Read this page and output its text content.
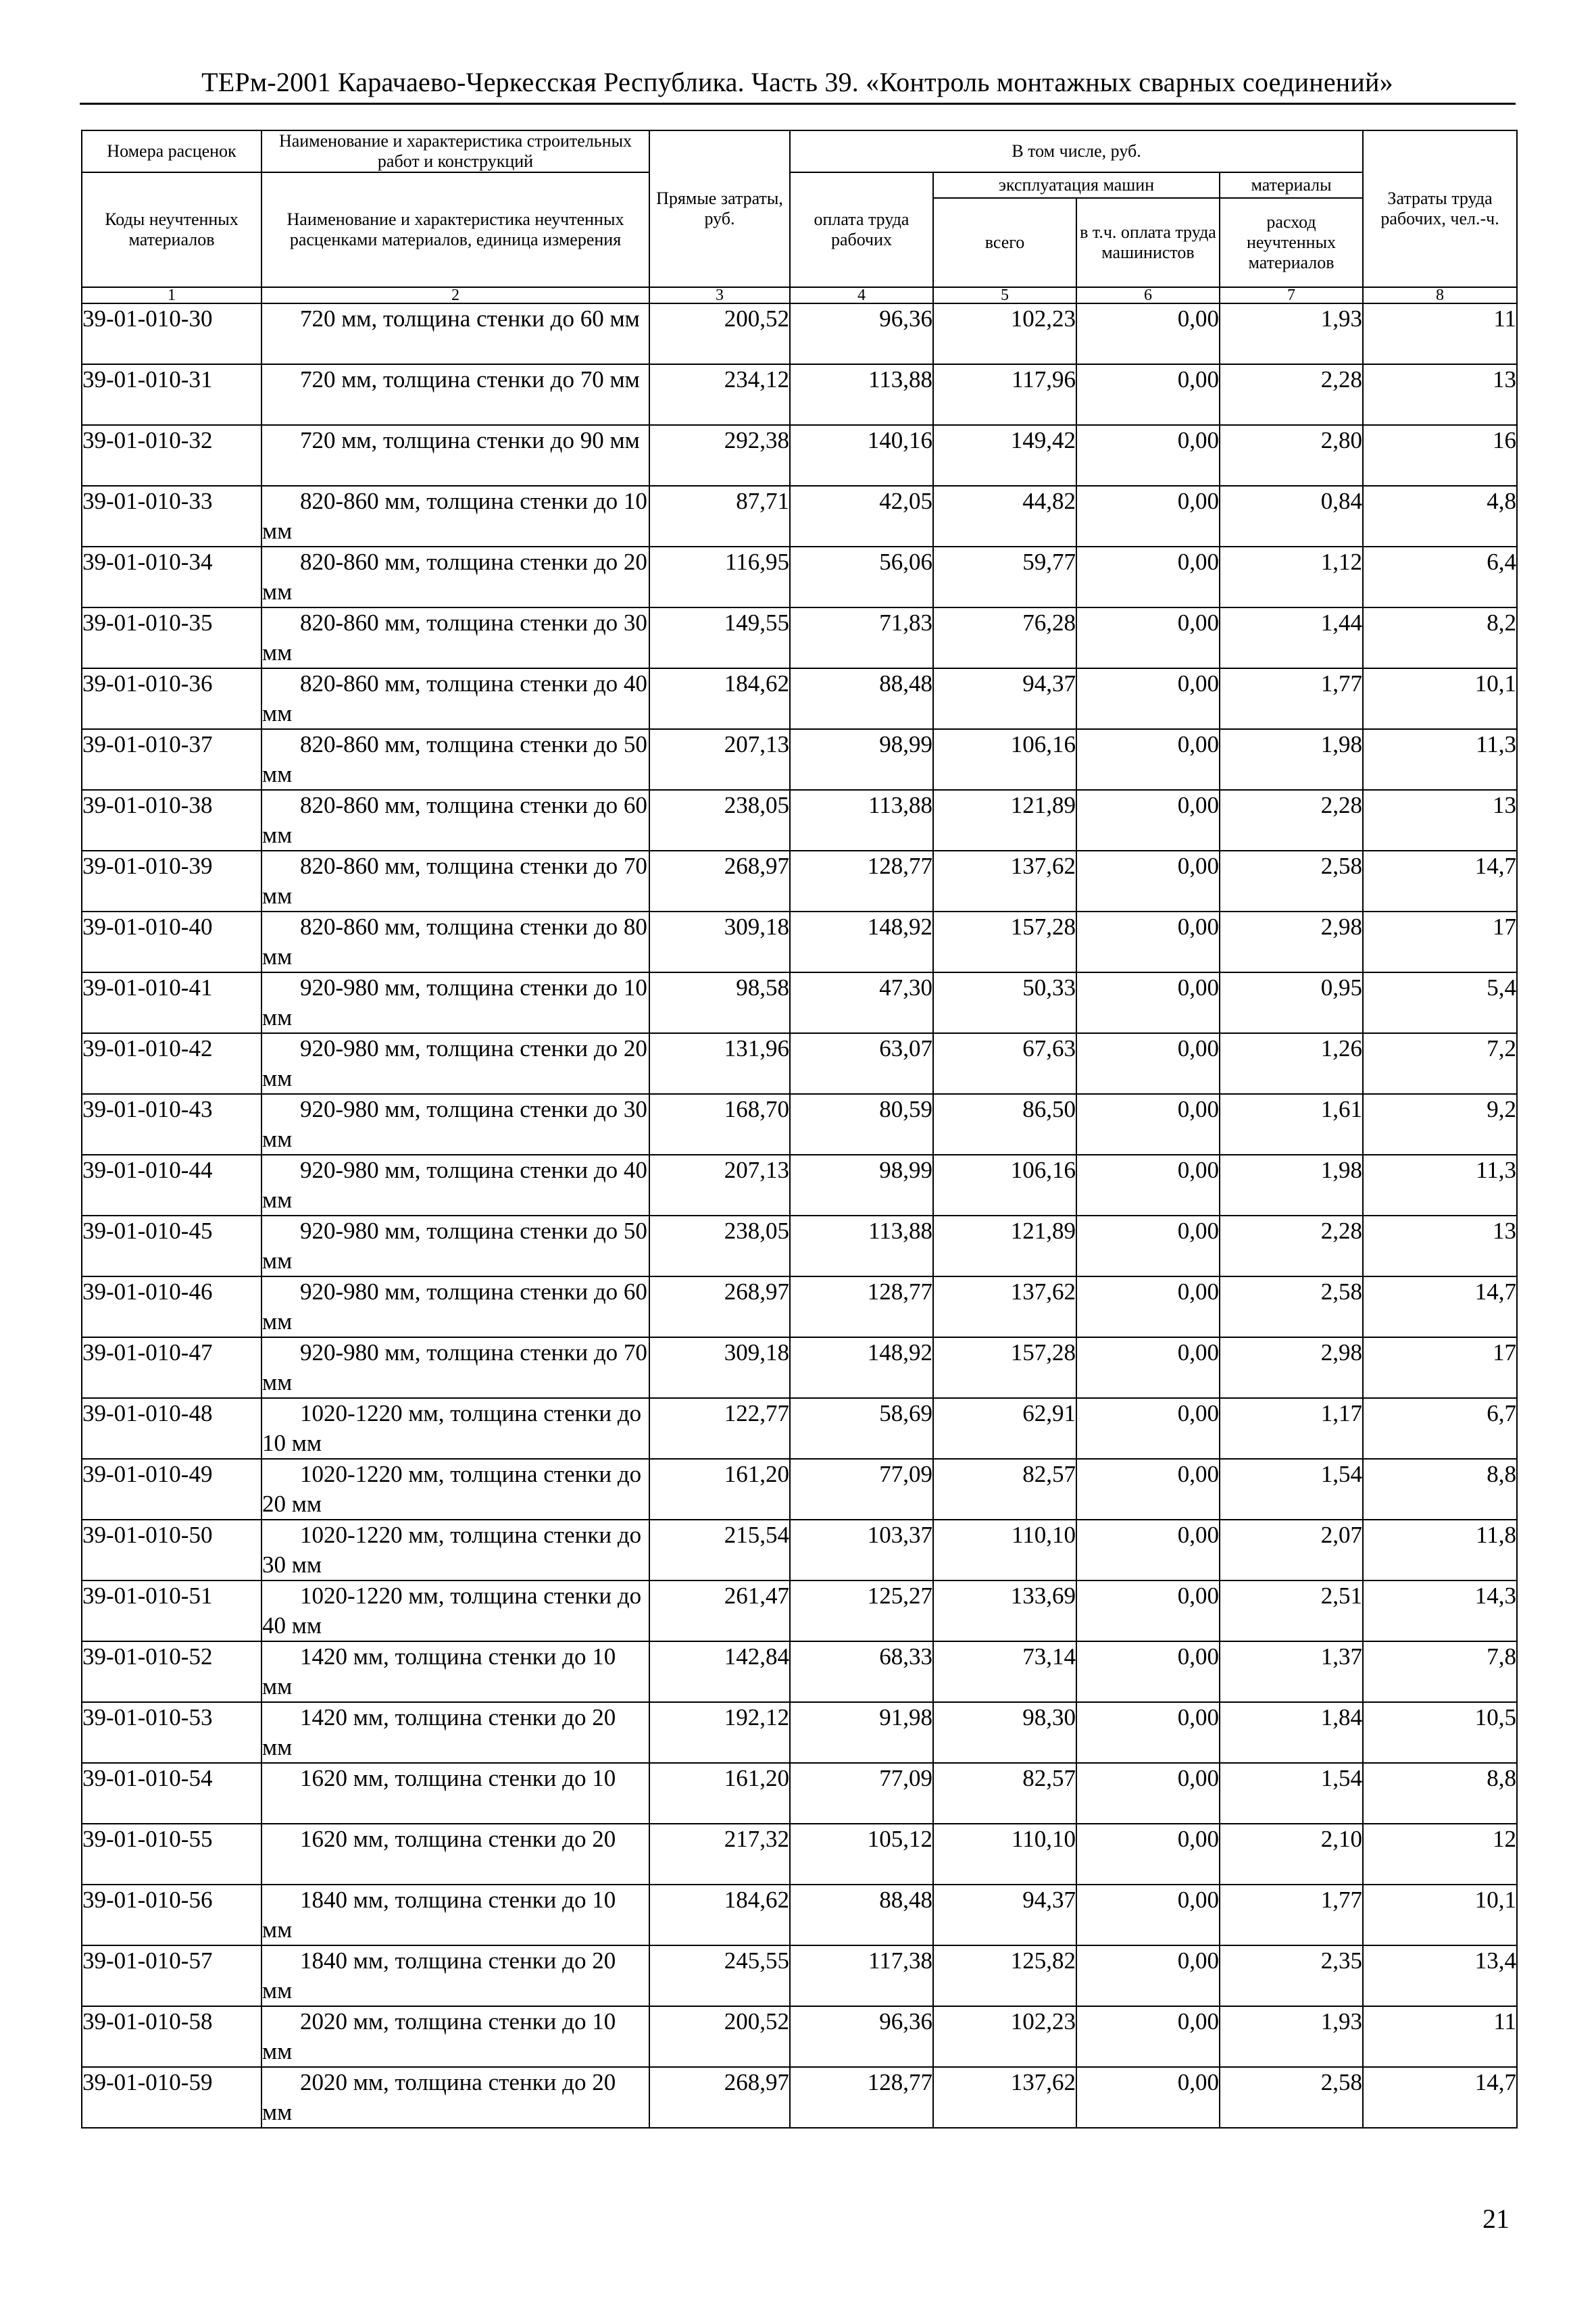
ТЕРм-2001 Карачаево-Черкесская Республика. Часть 39. «Контроль монтажных сварных соединений»
Номера расценок	Наименование и характеристика строительных работ и конструкций	Прямые затраты, руб.	В том числе, руб.				Затраты труда рабочих, чел.-ч.
Коды неучтенных материалов	Наименование и характеристика неучтенных расценками материалов, единица измерения		оплата труда рабочих	эксплуатация машин		материалы	
				всего	в т.ч. оплата труда машинистов	расход неучтенных материалов	
1	2	3	4	5	6	7	8
39-01-010-30	720 мм, толщина стенки до 60 мм	200,52	96,36	102,23	0,00	1,93	11
39-01-010-31	720 мм, толщина стенки до 70 мм	234,12	113,88	117,96	0,00	2,28	13
39-01-010-32	720 мм, толщина стенки до 90 мм	292,38	140,16	149,42	0,00	2,80	16
39-01-010-33	820-860 мм, толщина стенки до 10 мм	87,71	42,05	44,82	0,00	0,84	4,8
39-01-010-34	820-860 мм, толщина стенки до 20 мм	116,95	56,06	59,77	0,00	1,12	6,4
39-01-010-35	820-860 мм, толщина стенки до 30 мм	149,55	71,83	76,28	0,00	1,44	8,2
39-01-010-36	820-860 мм, толщина стенки до 40 мм	184,62	88,48	94,37	0,00	1,77	10,1
39-01-010-37	820-860 мм, толщина стенки до 50 мм	207,13	98,99	106,16	0,00	1,98	11,3
39-01-010-38	820-860 мм, толщина стенки до 60 мм	238,05	113,88	121,89	0,00	2,28	13
39-01-010-39	820-860 мм, толщина стенки до 70 мм	268,97	128,77	137,62	0,00	2,58	14,7
39-01-010-40	820-860 мм, толщина стенки до 80 мм	309,18	148,92	157,28	0,00	2,98	17
39-01-010-41	920-980 мм, толщина стенки до 10 мм	98,58	47,30	50,33	0,00	0,95	5,4
39-01-010-42	920-980 мм, толщина стенки до 20 мм	131,96	63,07	67,63	0,00	1,26	7,2
39-01-010-43	920-980 мм, толщина стенки до 30 мм	168,70	80,59	86,50	0,00	1,61	9,2
39-01-010-44	920-980 мм, толщина стенки до 40 мм	207,13	98,99	106,16	0,00	1,98	11,3
39-01-010-45	920-980 мм, толщина стенки до 50 мм	238,05	113,88	121,89	0,00	2,28	13
39-01-010-46	920-980 мм, толщина стенки до 60 мм	268,97	128,77	137,62	0,00	2,58	14,7
39-01-010-47	920-980 мм, толщина стенки до 70 мм	309,18	148,92	157,28	0,00	2,98	17
39-01-010-48	1020-1220 мм, толщина стенки до 10 мм	122,77	58,69	62,91	0,00	1,17	6,7
39-01-010-49	1020-1220 мм, толщина стенки до 20 мм	161,20	77,09	82,57	0,00	1,54	8,8
39-01-010-50	1020-1220 мм, толщина стенки до 30 мм	215,54	103,37	110,10	0,00	2,07	11,8
39-01-010-51	1020-1220 мм, толщина стенки до 40 мм	261,47	125,27	133,69	0,00	2,51	14,3
39-01-010-52	1420 мм, толщина стенки до 10 мм	142,84	68,33	73,14	0,00	1,37	7,8
39-01-010-53	1420 мм, толщина стенки до 20 мм	192,12	91,98	98,30	0,00	1,84	10,5
39-01-010-54	1620 мм, толщина стенки до 10	161,20	77,09	82,57	0,00	1,54	8,8
39-01-010-55	1620 мм, толщина стенки до 20	217,32	105,12	110,10	0,00	2,10	12
39-01-010-56	1840 мм, толщина стенки до 10 мм	184,62	88,48	94,37	0,00	1,77	10,1
39-01-010-57	1840 мм, толщина стенки до 20 мм	245,55	117,38	125,82	0,00	2,35	13,4
39-01-010-58	2020 мм, толщина стенки до 10 мм	200,52	96,36	102,23	0,00	1,93	11
39-01-010-59	2020 мм, толщина стенки до 20 мм	268,97	128,77	137,62	0,00	2,58	14,7
21
